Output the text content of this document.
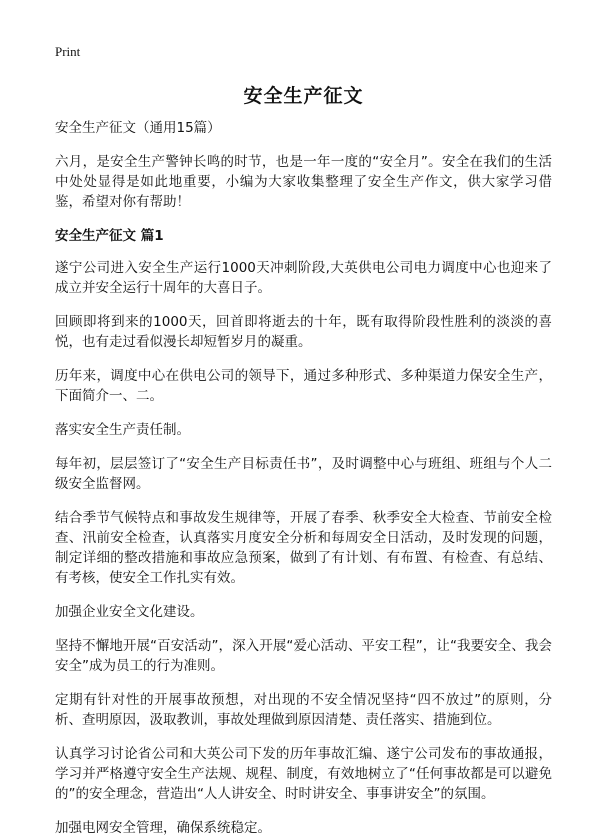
Print

安全生产征文

安全生产征文（通用15篇）

六月，是安全生产警钟长鸣的时节，也是一年一度的“安全月”。安全在我们的生活中处处显得是如此地重要，小编为大家收集整理了安全生产作文，供大家学习借鉴，希望对你有帮助！

安全生产征文 篇1

遂宁公司进入安全生产运行1000天冲刺阶段,大英供电公司电力调度中心也迎来了成立并安全运行十周年的大喜日子。

回顾即将到来的1000天，回首即将逝去的十年，既有取得阶段性胜利的淡淡的喜悦，也有走过看似漫长却短暂岁月的凝重。

历年来，调度中心在供电公司的领导下，通过多种形式、多种渠道力保安全生产，下面简介一、二。

落实安全生产责任制。

每年初，层层签订了“安全生产目标责任书”，及时调整中心与班组、班组与个人二级安全监督网。

结合季节气候特点和事故发生规律等，开展了春季、秋季安全大检查、节前安全检查、汛前安全检查，认真落实月度安全分析和每周安全日活动，及时发现的问题，制定详细的整改措施和事故应急预案，做到了有计划、有布置、有检查、有总结、有考核，使安全工作扎实有效。

加强企业安全文化建设。

坚持不懈地开展“百安活动”，深入开展“爱心活动、平安工程”，让“我要安全、我会安全”成为员工的行为准则。

定期有针对性的开展事故预想，对出现的不安全情况坚持“四不放过”的原则，分析、查明原因，汲取教训，事故处理做到原因清楚、责任落实、措施到位。

认真学习讨论省公司和大英公司下发的历年事故汇编、遂宁公司发布的事故通报，学习并严格遵守安全生产法规、规程、制度，有效地树立了“任何事故都是可以避免的”的安全理念，营造出“人人讲安全、时时讲安全、事事讲安全”的氛围。

加强电网安全管理，确保系统稳定。
